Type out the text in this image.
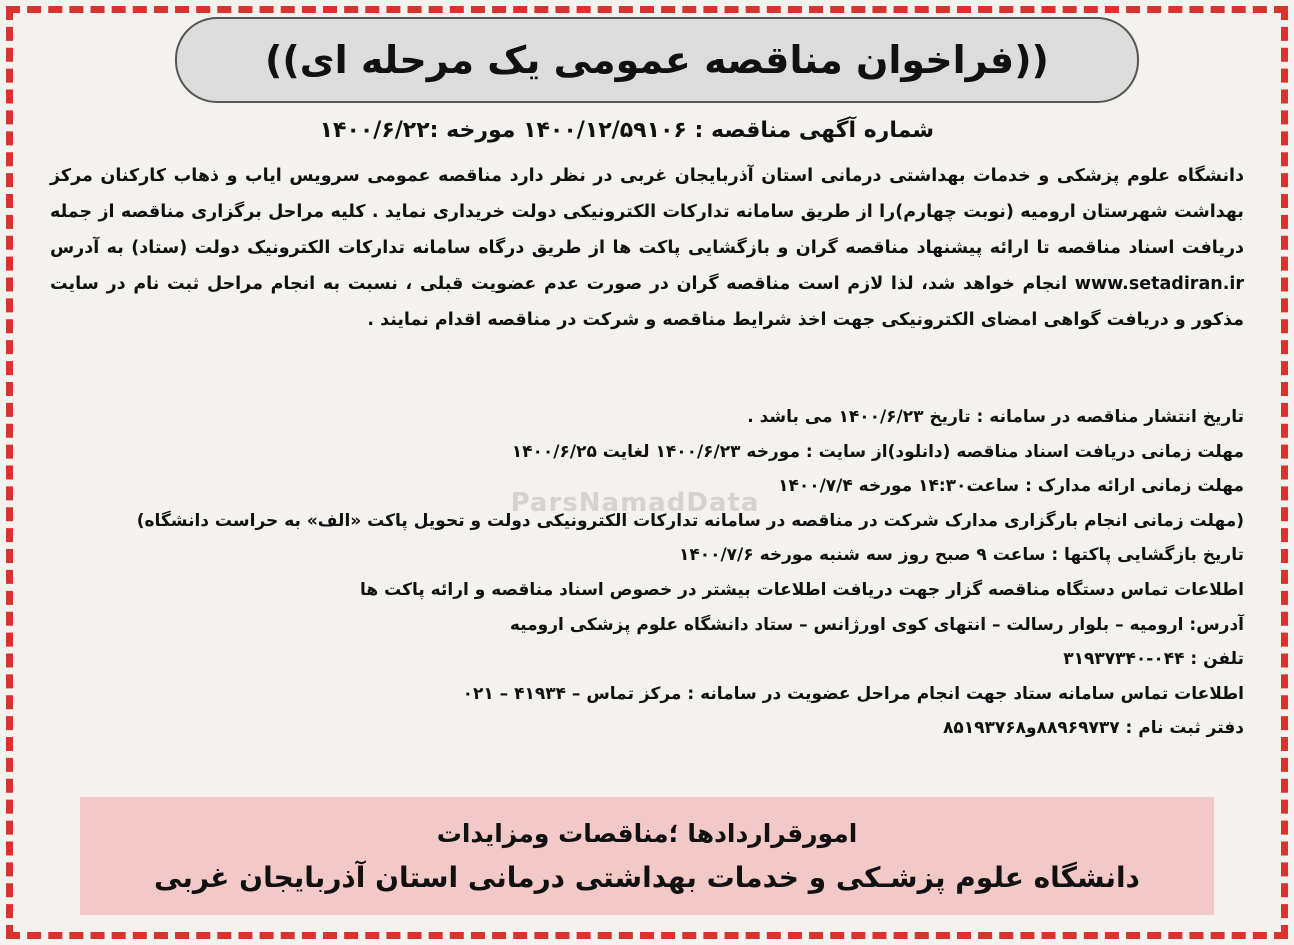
((فراخوان مناقصه عمومی یک مرحله ای))
شماره آگهی مناقصه : ۱۴۰۰/۱۲/۵۹۱۰۶ مورخه :۱۴۰۰/۶/۲۲
دانشگاه علوم پزشکی و خدمات بهداشتی درمانی استان آذربایجان غربی در نظر دارد مناقصه عمومی سرویس ایاب و ذهاب کارکنان مرکز بهداشت شهرستان ارومیه (نوبت چهارم)را از طریق سامانه تدارکات الکترونیکی دولت خریداری نماید . کلیه مراحل برگزاری مناقصه از جمله دریافت اسناد مناقصه تا ارائه پیشنهاد مناقصه گران و بازگشایی پاکت ها از طریق درگاه سامانه تدارکات الکترونیک دولت (ستاد) به آدرس www.setadiran.ir انجام خواهد شد، لذا لازم است مناقصه گران در صورت عدم عضویت قبلی ، نسبت به انجام مراحل ثبت نام در سایت مذکور و دریافت گواهی امضای الکترونیکی جهت اخذ شرایط مناقصه و شرکت در مناقصه اقدام نمایند .
ParsNamadData
تاریخ انتشار مناقصه در سامانه : تاریخ ۱۴۰۰/۶/۲۳ می باشد .
مهلت زمانی دریافت اسناد مناقصه (دانلود)از سایت : مورخه ۱۴۰۰/۶/۲۳ لغایت ۱۴۰۰/۶/۲۵
مهلت زمانی ارائه مدارک : ساعت۱۴:۳۰ مورخه ۱۴۰۰/۷/۴
(مهلت زمانی انجام بارگزاری مدارک شرکت در مناقصه در سامانه تدارکات الکترونیکی دولت و تحویل پاکت «الف» به حراست دانشگاه)
تاریخ بازگشایی پاکتها : ساعت ۹ صبح روز سه شنبه مورخه ۱۴۰۰/۷/۶
اطلاعات تماس دستگاه مناقصه گزار جهت دریافت اطلاعات بیشتر در خصوص اسناد مناقصه و ارائه پاکت ها
آدرس: ارومیه – بلوار رسالت – انتهای کوی اورژانس – ستاد دانشگاه علوم پزشکی ارومیه
تلفن : ۰۴۴-۳۱۹۳۷۳۴۰
اطلاعات تماس سامانه ستاد جهت انجام مراحل عضویت در سامانه : مرکز تماس – ۴۱۹۳۴ – ۰۲۱
دفتر ثبت نام : ۸۸۹۶۹۷۳۷و۸۵۱۹۳۷۶۸
امورقراردادها ؛مناقصات ومزایدات
دانشگاه علوم پزشـکی و خدمات بهداشتی درمانی استان آذربایجان غربی
